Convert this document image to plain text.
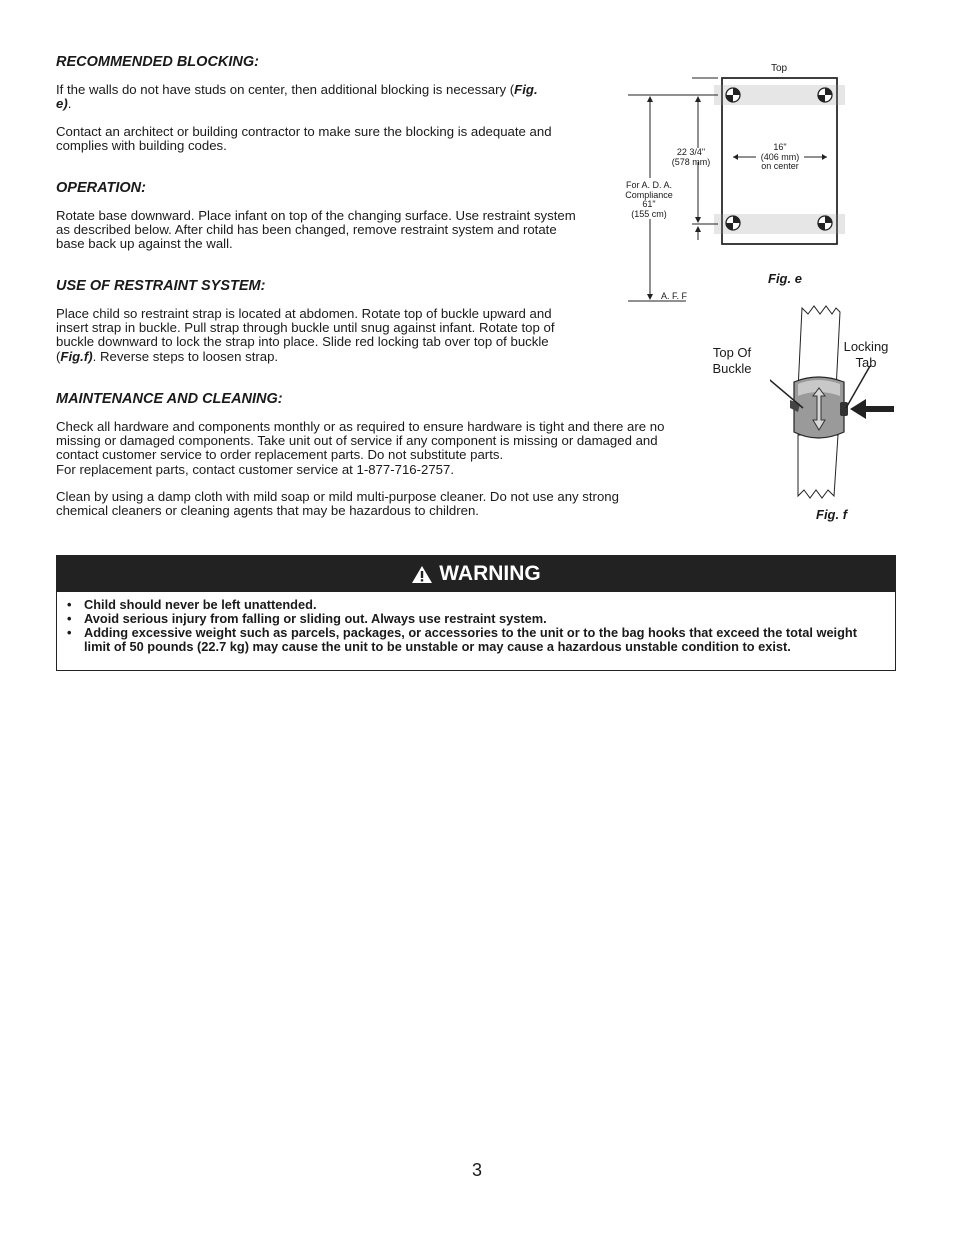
RECOMMENDED BLOCKING:

If the walls do not have studs on center, then additional blocking is necessary (Fig. e).

Contact an architect or building contractor to make sure the blocking is adequate and complies with building codes.

OPERATION:

Rotate base downward. Place infant on top of the changing surface. Use restraint system as described below. After child has been changed, remove restraint system and rotate base back up against the wall.

USE OF RESTRAINT SYSTEM:

Place child so restraint strap is located at abdomen. Rotate top of buckle upward and insert strap in buckle. Pull strap through buckle until snug against infant. Rotate top of buckle downward to lock the strap into place. Slide red locking tab over top of buckle (Fig.f). Reverse steps to loosen strap.

MAINTENANCE AND CLEANING:

Check all hardware and components monthly or as required to ensure hardware is tight and there are no missing or damaged components. Take unit out of service if any component is missing or damaged and contact customer service to order replacement parts. Do not substitute parts.
For replacement parts, contact customer service at 1-877-716-2757.

Clean by using a damp cloth with mild soap or mild multi-purpose cleaner. Do not use any strong chemical cleaners or cleaning agents that may be hazardous to children.

Top
22 3/4"
(578 mm)
16"
(406 mm)
on center
For A. D. A.
Compliance
61"
(155 cm)
A. F. F
Fig. e
Top Of
Buckle
Locking
Tab
Fig. f
WARNING
• Child should never be left unattended.
• Avoid serious injury from falling or sliding out. Always use restraint system.
• Adding excessive weight such as parcels, packages, or accessories to the unit or to the bag hooks that exceed the total weight limit of 50 pounds (22.7 kg) may cause the unit to be unstable or may cause a hazardous unstable condition to exist.
3
